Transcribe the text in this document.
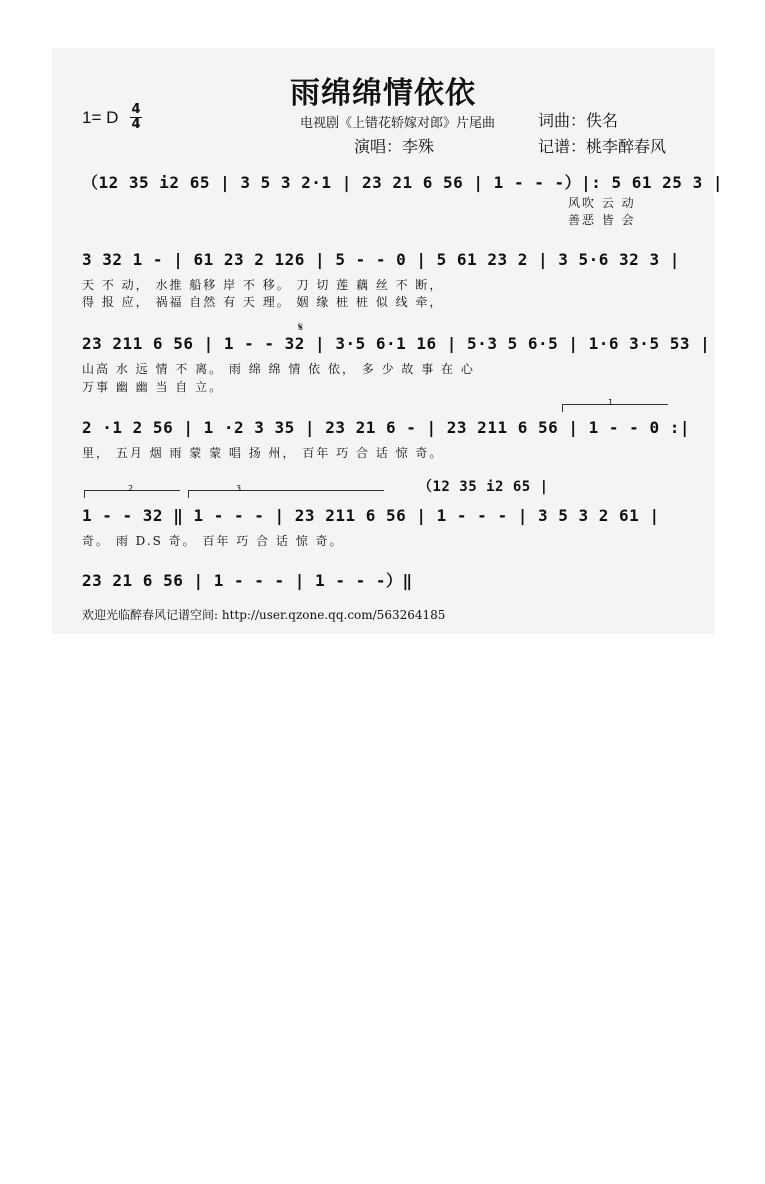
雨绵绵情依依
1= D 4
4	电视剧《上错花轿嫁对郎》片尾曲	词曲：佚名
演唱：李殊	记谱：桃李醉春风
（12 35 i2 65 | 3 5 3 2·1 | 23 21 6 56 | 1 - - -）|: 5 61 25 3 |
风吹 云 动
善恶 皆 会
3 32 1 - | 61 23 2 126 | 5 - - 0 | 5 61 23 2 | 3 5·6 32 3 |
天 不 动， 水推 船移 岸 不 移。 刀 切 莲 藕 丝 不 断，
得 报 应， 祸福 自然 有 天 理。 姻 缘 桩 桩 似 线 牵，
𝄋
23 211 6 56 | 1 - - 32 | 3·5 6·1 16 | 5·3 5 6·5 | 1·6 3·5 53 |
山高 水 远 情 不 离。 雨 绵 绵 情 依 依， 多 少 故 事 在 心
万事 幽 幽 当 自 立。
1
2 ·1 2 56 | 1 ·2 3 35 | 23 21 6 - | 23 211 6 56 | 1 - - 0 :|
里， 五月 烟 雨 蒙 蒙 唱 扬 州， 百年 巧 合 话 惊 奇。
（12 35 i2 65 |
2	3
1 - - 32 ‖ 1 - - - | 23 211 6 56 | 1 - - - | 3 5 3 2 61 |
奇。 雨 D.S 奇。 百年 巧 合 话 惊 奇。
23 21 6 56 | 1 - - - | 1 - - -）‖
欢迎光临醉春风记谱空间: http://user.qzone.qq.com/563264185
